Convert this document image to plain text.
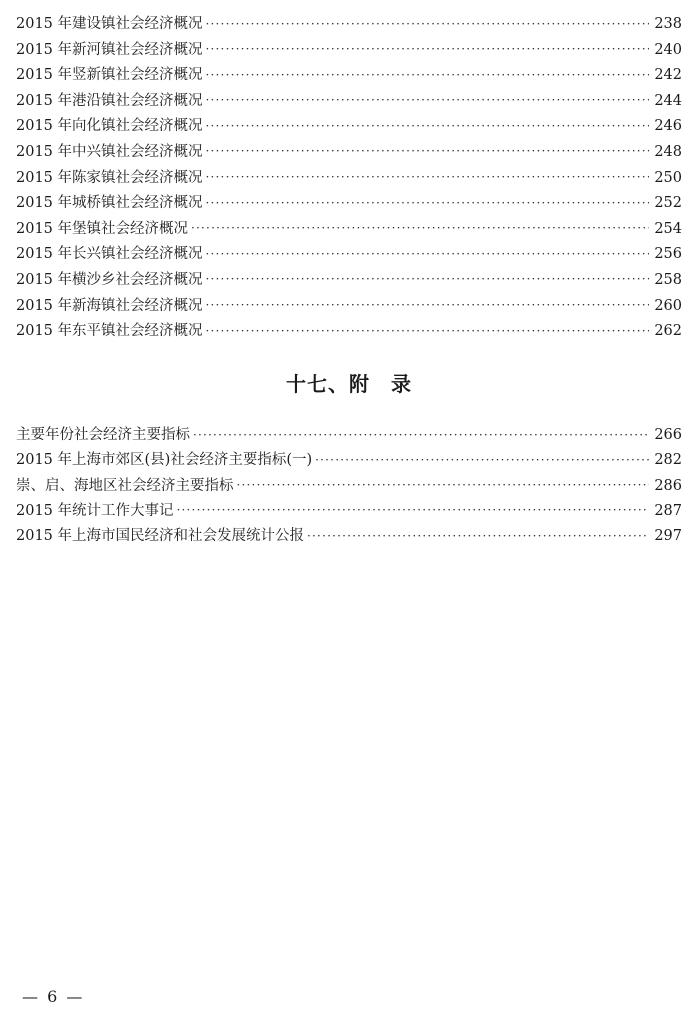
2015 年建设镇社会经济概况 ·····	238
2015 年新河镇社会经济概况 ·····	240
2015 年竖新镇社会经济概况 ·····	242
2015 年港沿镇社会经济概况 ·····	244
2015 年向化镇社会经济概况 ·····	246
2015 年中兴镇社会经济概况 ·····	248
2015 年陈家镇社会经济概况 ·····	250
2015 年城桥镇社会经济概况 ·····	252
2015 年堡镇社会经济概况 ·····	254
2015 年长兴镇社会经济概况 ·····	256
2015 年横沙乡社会经济概况 ·····	258
2015 年新海镇社会经济概况 ·····	260
2015 年东平镇社会经济概况 ·····	262
十七、附　录
主要年份社会经济主要指标 ·····	266
2015 年上海市郊区(县)社会经济主要指标(一) ·····	282
崇、启、海地区社会经济主要指标 ·····	286
2015 年统计工作大事记 ·····	287
2015 年上海市国民经济和社会发展统计公报 ·····	297
— 6 —
